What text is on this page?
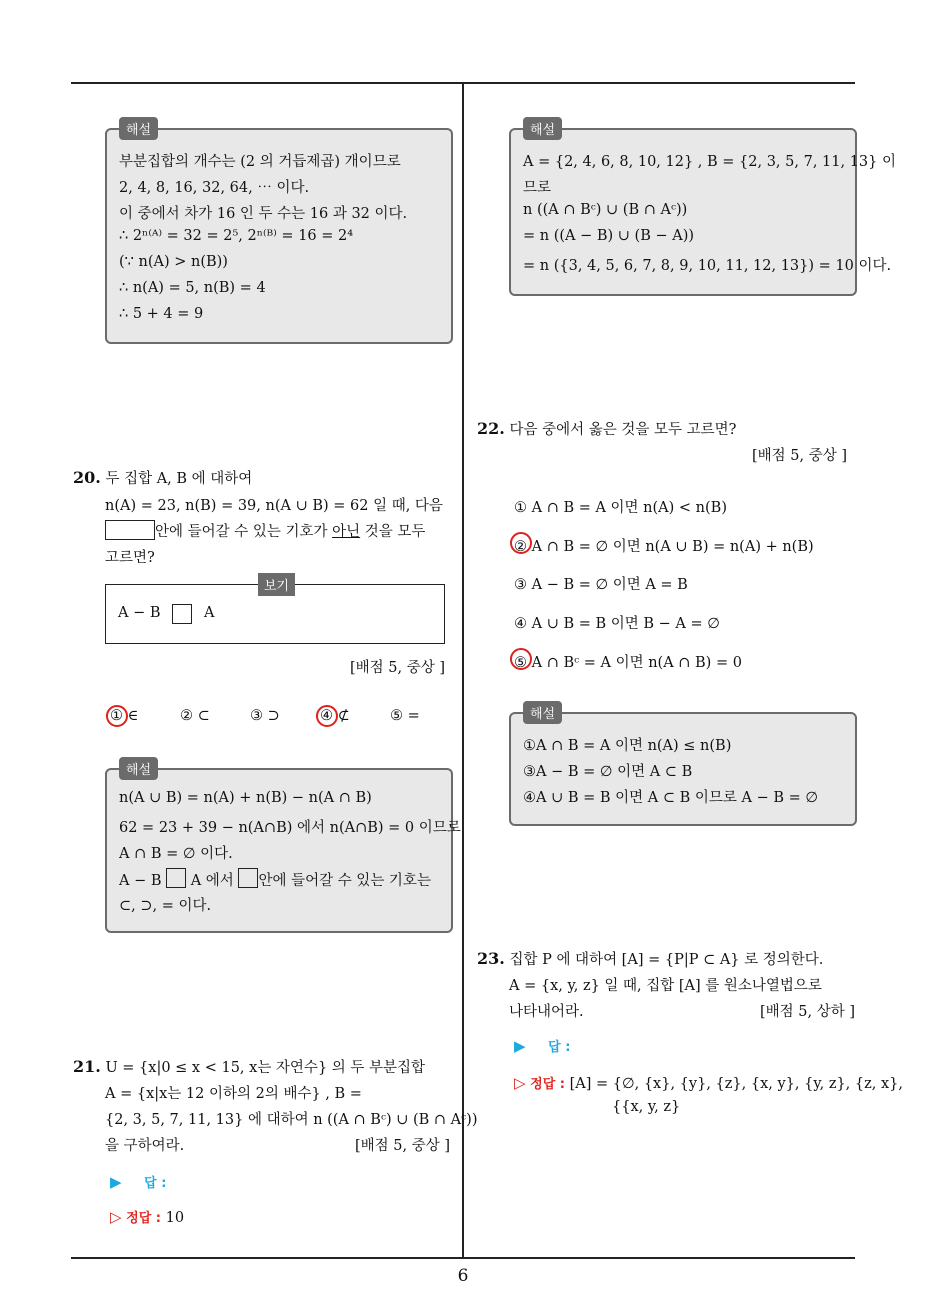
해설
부분집합의 개수는 (2 의 거듭제곱) 개이므로
2, 4, 8, 16, 32, 64, ⋯ 이다.
이 중에서 차가 16 인 두 수는 16 과 32 이다.
∴ 2ⁿ⁽ᴬ⁾ = 32 = 2⁵, 2ⁿ⁽ᴮ⁾ = 16 = 2⁴
(∵ n(A) > n(B))
∴ n(A) = 5, n(B) = 4
∴ 5 + 4 = 9
20. 두 집합 A, B 에 대하여
n(A) = 23, n(B) = 39, n(A ∪ B) = 62 일 때, 다음
안에 들어갈 수 있는 기호가 아닌 것을 모두
고르면?
보기
A − B	A
[배점 5, 중상 ]
① ∈	② ⊂	③ ⊃	④ ⊄	⑤ =
해설
n(A ∪ B) = n(A) + n(B) − n(A ∩ B)
62 = 23 + 39 − n(A∩B) 에서 n(A∩B) = 0 이므로
A ∩ B = ∅ 이다.
A − B A 에서 안에 들어갈 수 있는 기호는
⊂, ⊃, = 이다.
21. U = {x|0 ≤ x < 15, x는 자연수} 의 두 부분집합
A = {x|x는 12 이하의 2의 배수} , B =
{2, 3, 5, 7, 11, 13} 에 대하여 n ((A ∩ Bᶜ) ∪ (B ∩ Aᶜ))
을 구하여라.	[배점 5, 중상 ]
▶ 답 :
▷ 정답 : 10
해설
A = {2, 4, 6, 8, 10, 12} , B = {2, 3, 5, 7, 11, 13} 이
므로
n ((A ∩ Bᶜ) ∪ (B ∩ Aᶜ))
= n ((A − B) ∪ (B − A))
= n ({3, 4, 5, 6, 7, 8, 9, 10, 11, 12, 13}) = 10 이다.
22. 다음 중에서 옳은 것을 모두 고르면?
[배점 5, 중상 ]
① A ∩ B = A 이면 n(A) < n(B)
② A ∩ B = ∅ 이면 n(A ∪ B) = n(A) + n(B)
③ A − B = ∅ 이면 A = B
④ A ∪ B = B 이면 B − A = ∅
⑤ A ∩ Bᶜ = A 이면 n(A ∩ B) = 0
해설
①A ∩ B = A 이면 n(A) ≤ n(B)
③A − B = ∅ 이면 A ⊂ B
④A ∪ B = B 이면 A ⊂ B 이므로 A − B = ∅
23. 집합 P 에 대하여 [A] = {P|P ⊂ A} 로 정의한다.
A = {x, y, z} 일 때, 집합 [A] 를 원소나열법으로
나타내어라.	[배점 5, 상하 ]
▶ 답 :
▷ 정답 : [A] = {∅, {x}, {y}, {z}, {x, y}, {y, z}, {z, x},
{{x, y, z}
6
